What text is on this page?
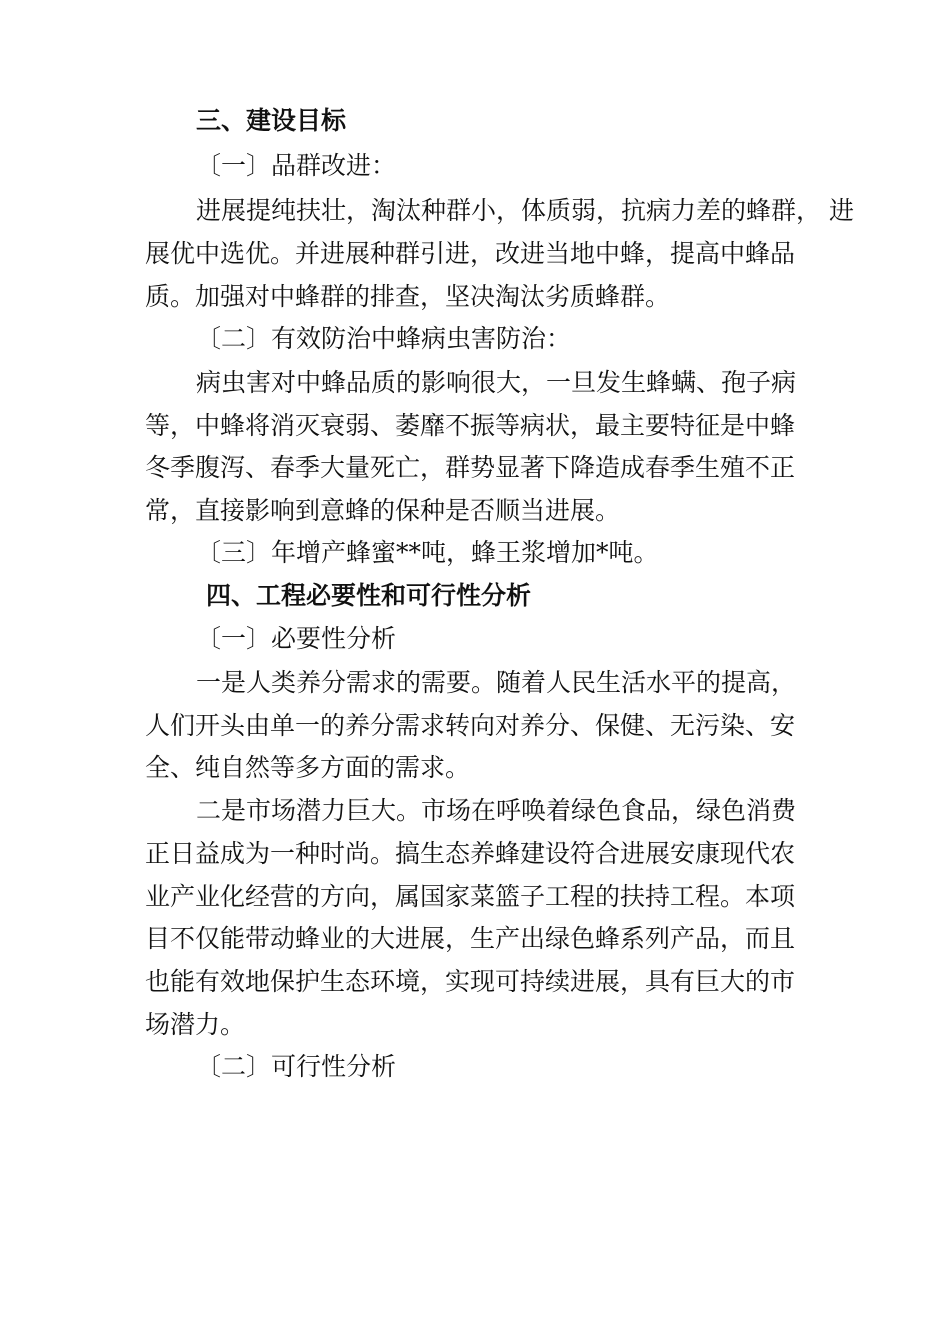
三、建设目标
〔一〕品群改进：
进展提纯扶壮，淘汰种群小，体质弱，抗病力差的蜂群， 进
展优中选优。并进展种群引进，改进当地中蜂，提高中蜂品
质。加强对中蜂群的排查，坚决淘汰劣质蜂群。
〔二〕有效防治中蜂病虫害防治：
病虫害对中蜂品质的影响很大，一旦发生蜂螨、孢子病
等，中蜂将消灭衰弱、萎靡不振等病状，最主要特征是中蜂
冬季腹泻、春季大量死亡，群势显著下降造成春季生殖不正
常，直接影响到意蜂的保种是否顺当进展。
〔三〕年增产蜂蜜**吨，蜂王浆增加*吨。
四、工程必要性和可行性分析
〔一〕必要性分析
一是人类养分需求的需要。随着人民生活水平的提高，
人们开头由单一的养分需求转向对养分、保健、无污染、安
全、纯自然等多方面的需求。
二是市场潜力巨大。市场在呼唤着绿色食品，绿色消费
正日益成为一种时尚。搞生态养蜂建设符合进展安康现代农
业产业化经营的方向，属国家菜篮子工程的扶持工程。本项
目不仅能带动蜂业的大进展，生产出绿色蜂系列产品，而且
也能有效地保护生态环境，实现可持续进展，具有巨大的市
场潜力。
〔二〕可行性分析
